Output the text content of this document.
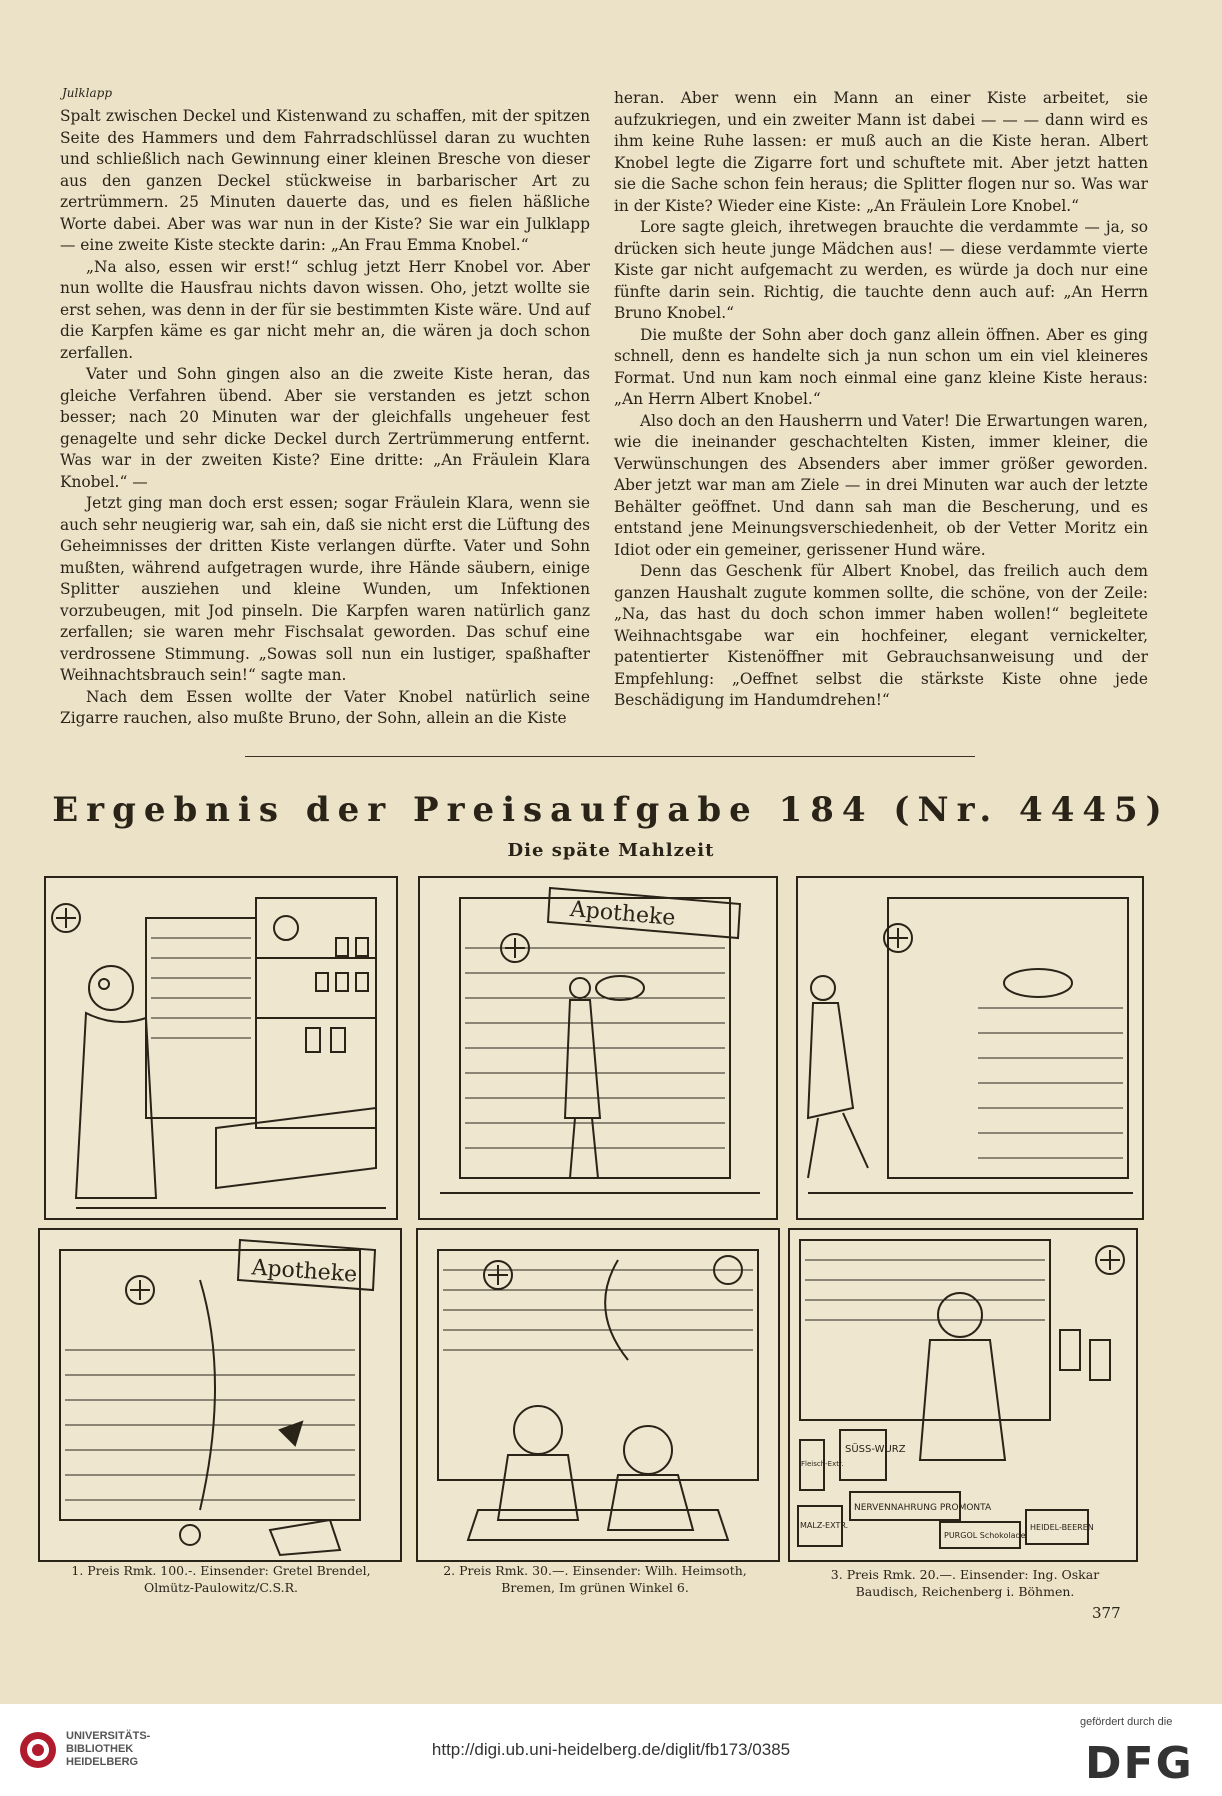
Julklapp

Spalt zwischen Deckel und Kistenwand zu schaffen, mit der spitzen Seite des Hammers und dem Fahrradschlüssel daran zu wuchten und schließlich nach Gewinnung einer kleinen Bresche von dieser aus den ganzen Deckel stückweise in barbarischer Art zu zertrümmern. 25 Minuten dauerte das, und es fielen häßliche Worte dabei. Aber was war nun in der Kiste? Sie war ein Julklapp — eine zweite Kiste steckte darin: „An Frau Emma Knobel.“

„Na also, essen wir erst!“ schlug jetzt Herr Knobel vor. Aber nun wollte die Hausfrau nichts davon wissen. Oho, jetzt wollte sie erst sehen, was denn in der für sie bestimmten Kiste wäre. Und auf die Karpfen käme es gar nicht mehr an, die wären ja doch schon zerfallen.

Vater und Sohn gingen also an die zweite Kiste heran, das gleiche Verfahren übend. Aber sie verstanden es jetzt schon besser; nach 20 Minuten war der gleichfalls ungeheuer fest genagelte und sehr dicke Deckel durch Zertrümmerung entfernt. Was war in der zweiten Kiste? Eine dritte: „An Fräulein Klara Knobel.“ —

Jetzt ging man doch erst essen; sogar Fräulein Klara, wenn sie auch sehr neugierig war, sah ein, daß sie nicht erst die Lüftung des Geheimnisses der dritten Kiste verlangen dürfte. Vater und Sohn mußten, während aufgetragen wurde, ihre Hände säubern, einige Splitter ausziehen und kleine Wunden, um Infektionen vorzubeugen, mit Jod pinseln. Die Karpfen waren natürlich ganz zerfallen; sie waren mehr Fischsalat geworden. Das schuf eine verdrossene Stimmung. „Sowas soll nun ein lustiger, spaßhafter Weihnachtsbrauch sein!“ sagte man.

Nach dem Essen wollte der Vater Knobel natürlich seine Zigarre rauchen, also mußte Bruno, der Sohn, allein an die Kiste

heran. Aber wenn ein Mann an einer Kiste arbeitet, sie aufzukriegen, und ein zweiter Mann ist dabei — — — dann wird es ihm keine Ruhe lassen: er muß auch an die Kiste heran. Albert Knobel legte die Zigarre fort und schuftete mit. Aber jetzt hatten sie die Sache schon fein heraus; die Splitter flogen nur so. Was war in der Kiste? Wieder eine Kiste: „An Fräulein Lore Knobel.“

Lore sagte gleich, ihretwegen brauchte die verdammte — ja, so drücken sich heute junge Mädchen aus! — diese verdammte vierte Kiste gar nicht aufgemacht zu werden, es würde ja doch nur eine fünfte darin sein. Richtig, die tauchte denn auch auf: „An Herrn Bruno Knobel.“

Die mußte der Sohn aber doch ganz allein öffnen. Aber es ging schnell, denn es handelte sich ja nun schon um ein viel kleineres Format. Und nun kam noch einmal eine ganz kleine Kiste heraus: „An Herrn Albert Knobel.“

Also doch an den Hausherrn und Vater! Die Erwartungen waren, wie die ineinander geschachtelten Kisten, immer kleiner, die Verwünschungen des Absenders aber immer größer geworden. Aber jetzt war man am Ziele — in drei Minuten war auch der letzte Behälter geöffnet. Und dann sah man die Bescherung, und es entstand jene Meinungsverschiedenheit, ob der Vetter Moritz ein Idiot oder ein gemeiner, gerissener Hund wäre.

Denn das Geschenk für Albert Knobel, das freilich auch dem ganzen Haushalt zugute kommen sollte, die schöne, von der Zeile: „Na, das hast du doch schon immer haben wollen!“ begleitete Weihnachtsgabe war ein hochfeiner, elegant vernickelter, patentierter Kistenöffner mit Gebrauchsanweisung und der Empfehlung: „Oeffnet selbst die stärkste Kiste ohne jede Beschädigung im Handumdrehen!“

Ergebnis der Preisaufgabe 184 (Nr. 4445)
Die späte Mahlzeit
Apotheke
Apotheke
SÜSS-WURZ
NERVENNAHRUNG PROMONTA
MALZ-EXTR.
PURGOL Schokolade
HEIDEL-BEEREN
Fleisch-Extr.
1. Preis Rmk. 100.-. Einsender: Gretel Brendel,
Olmütz-Paulowitz/C.S.R.
2. Preis Rmk. 30.—. Einsender: Wilh. Heimsoth,
Bremen, Im grünen Winkel 6.
3. Preis Rmk. 20.—. Einsender: Ing. Oskar
Baudisch, Reichenberg i. Böhmen.
377
UNIVERSITÄTS-
BIBLIOTHEK
HEIDELBERG
http://digi.ub.uni-heidelberg.de/diglit/fb173/0385
gefördert durch die
DFG
